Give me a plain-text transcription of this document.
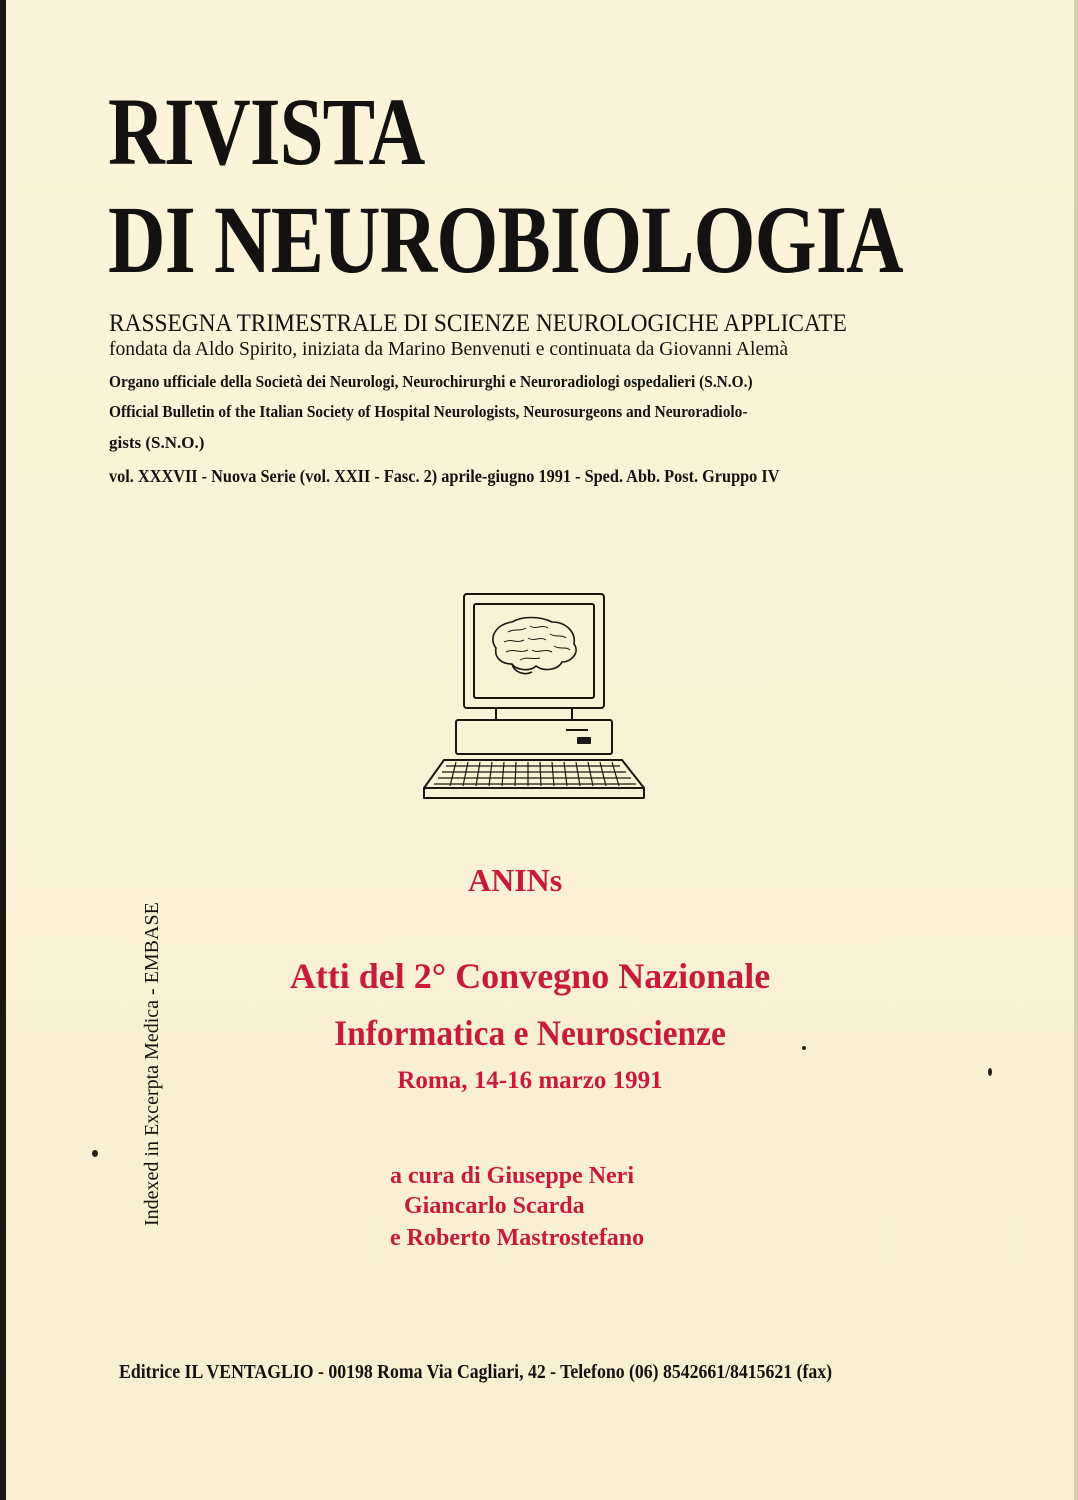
RIVISTA
DI NEUROBIOLOGIA
RASSEGNA TRIMESTRALE DI SCIENZE NEUROLOGICHE APPLICATE
fondata da Aldo Spirito, iniziata da Marino Benvenuti e continuata da Giovanni Alemà
Organo ufficiale della Società dei Neurologi, Neurochirurghi e Neuroradiologi ospedalieri (S.N.O.)
Official Bulletin of the Italian Society of Hospital Neurologists, Neurosurgeons and Neuroradiolo-
gists (S.N.O.)
vol. XXXVII - Nuova Serie (vol. XXII - Fasc. 2) aprile-giugno 1991 - Sped. Abb. Post. Gruppo IV
Indexed in Excerpta Medica - EMBASE
ANINs
Atti del 2° Convegno Nazionale
Informatica e Neuroscienze
Roma, 14-16 marzo 1991
a cura di Giuseppe Neri
Giancarlo Scarda
e Roberto Mastrostefano
Editrice IL VENTAGLIO - 00198 Roma Via Cagliari, 42 - Telefono (06) 8542661/8415621 (fax)
